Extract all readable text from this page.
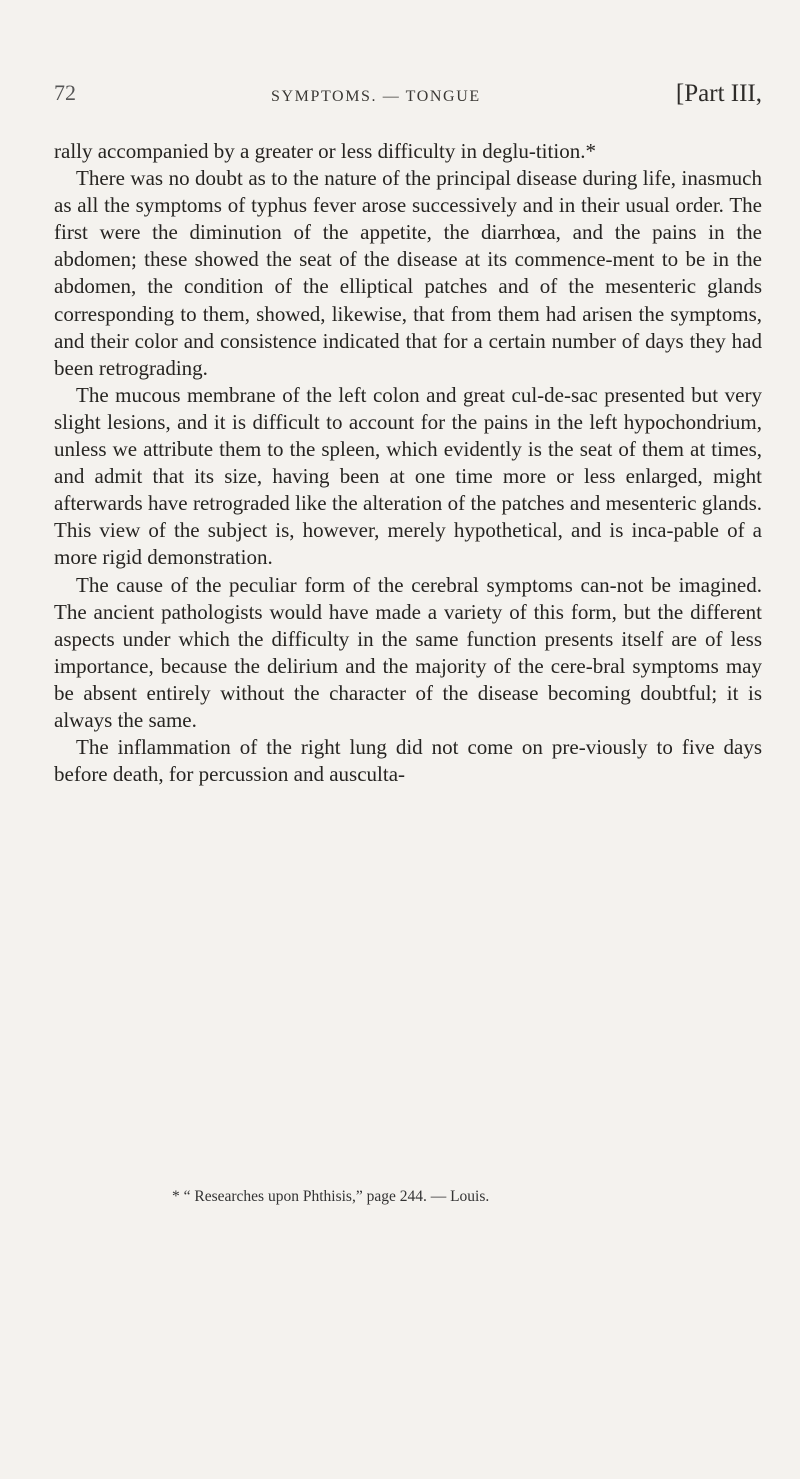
72	SYMPTOMS. — TONGUE	[Part III,

rally accompanied by a greater or less difficulty in deglu-tition.*

There was no doubt as to the nature of the principal disease during life, inasmuch as all the symptoms of typhus fever arose successively and in their usual order. The first were the diminution of the appetite, the diarrhœa, and the pains in the abdomen; these showed the seat of the disease at its commence-ment to be in the abdomen, the condition of the elliptical patches and of the mesenteric glands corresponding to them, showed, likewise, that from them had arisen the symptoms, and their color and consistence indicated that for a certain number of days they had been retrograding.

The mucous membrane of the left colon and great cul-de-sac presented but very slight lesions, and it is difficult to account for the pains in the left hypochondrium, unless we attribute them to the spleen, which evidently is the seat of them at times, and admit that its size, having been at one time more or less enlarged, might afterwards have retrograded like the alteration of the patches and mesenteric glands. This view of the subject is, however, merely hypothetical, and is inca-pable of a more rigid demonstration.

The cause of the peculiar form of the cerebral symptoms can-not be imagined. The ancient pathologists would have made a variety of this form, but the different aspects under which the difficulty in the same function presents itself are of less importance, because the delirium and the majority of the cere-bral symptoms may be absent entirely without the character of the disease becoming doubtful; it is always the same.

The inflammation of the right lung did not come on pre-viously to five days before death, for percussion and ausculta-

* “ Researches upon Phthisis,” page 244. — Louis.
